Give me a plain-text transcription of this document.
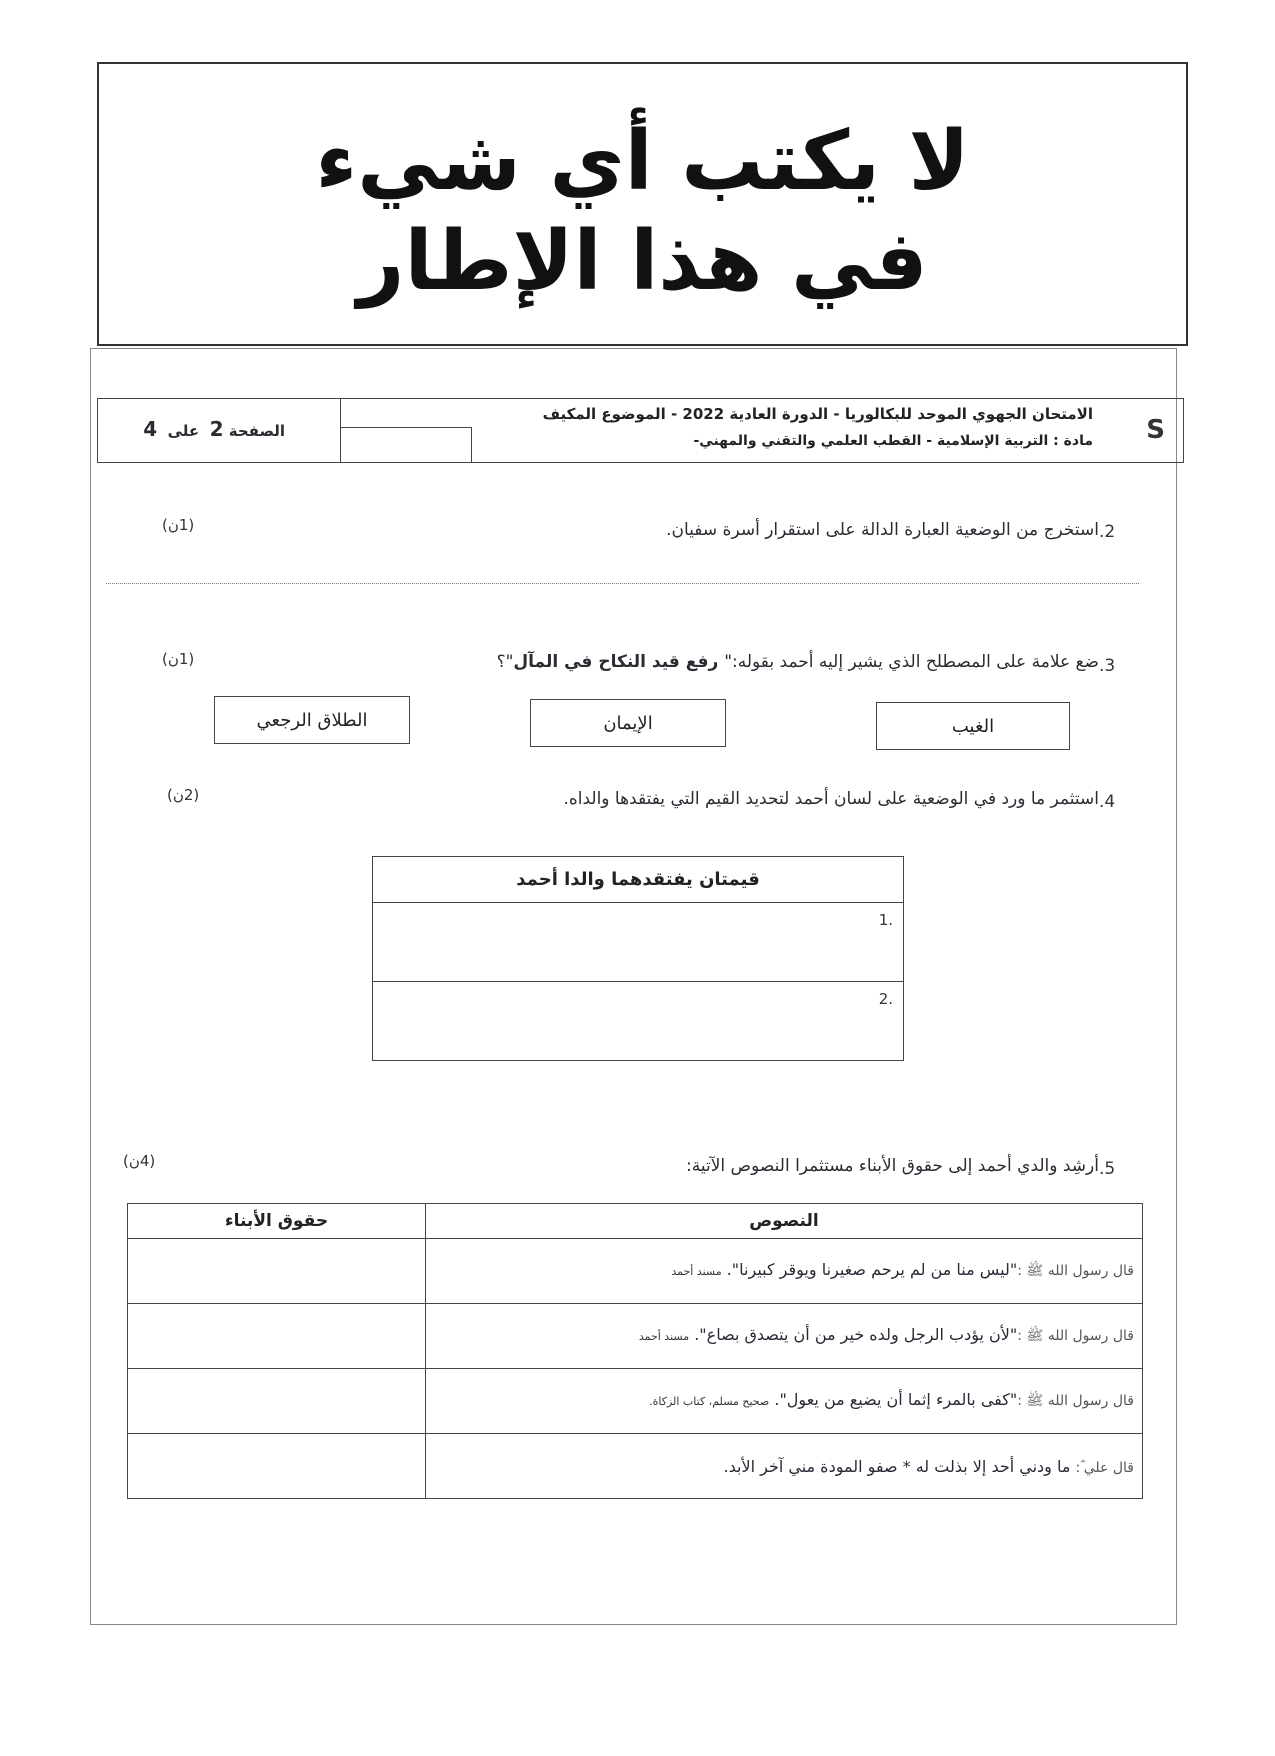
لا يكتب أي شيء
في هذا الإطار
الصفحة 2  على  4
الامتحان الجهوي الموحد للبكالوريا - الدورة العادية 2022 - الموضوع المكيف
مادة : التربية الإسلامية - القطب العلمي والتقني والمهني- S
.2
استخرج من الوضعية العبارة الدالة على استقرار أسرة سفيان.
(1ن)
.3
ضع علامة على المصطلح الذي يشير إليه أحمد بقوله:" رفع قيد النكاح في المآل"؟
(1ن)
الغيب
الإيمان
الطلاق الرجعي
.4
استثمر ما ورد في الوضعية على لسان أحمد لتحديد القيم التي يفتقدها والداه.
(2ن)
قيمتان يفتقدهما والدا أحمد
1.
2.
.5
أرشِد والدي أحمد إلى حقوق الأبناء مستثمرا النصوص الآتية:
(4ن)
النصوص	حقوق الأبناء
قال رسول الله ﷺ :"ليس منا من لم يرحم صغيرنا ويوقر كبيرنا". مسند أحمد	
قال رسول الله ﷺ :"لأن يؤدب الرجل ولده خير من أن يتصدق بصاع". مسند أحمد	
قال رسول الله ﷺ :"كفى بالمرء إثما أن يضيع من يعول". صحيح مسلم، كتاب الزكاة.	
قال علي ؓ: ما ودني أحد إلا بذلت له * صفو المودة مني آخر الأبد.	
